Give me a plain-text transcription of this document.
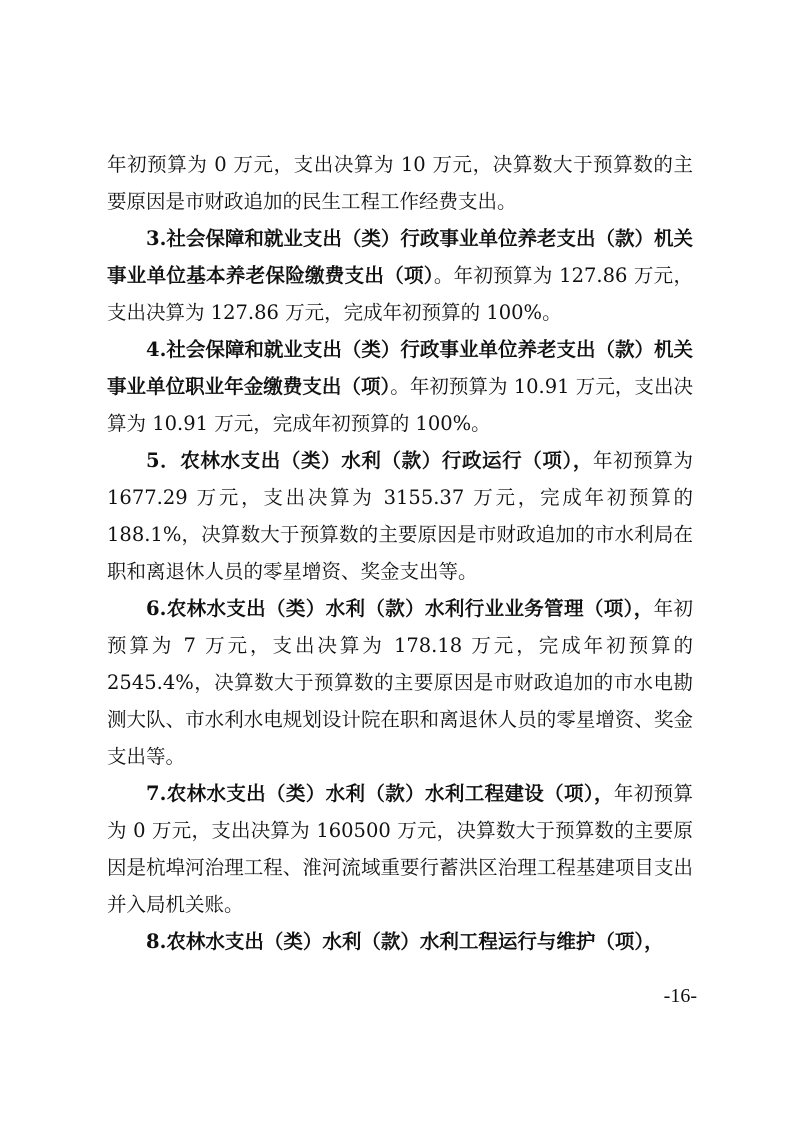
年初预算为 0 万元，支出决算为 10 万元，决算数大于预算数的主要原因是市财政追加的民生工程工作经费支出。

3.社会保障和就业支出（类）行政事业单位养老支出（款）机关事业单位基本养老保险缴费支出（项）。年初预算为 127.86 万元，支出决算为 127.86 万元，完成年初预算的 100%。

4.社会保障和就业支出（类）行政事业单位养老支出（款）机关事业单位职业年金缴费支出（项）。年初预算为 10.91 万元，支出决算为 10.91 万元，完成年初预算的 100%。

5．农林水支出（类）水利（款）行政运行（项），年初预算为 1677.29 万元，支出决算为 3155.37 万元，完成年初预算的 188.1%，决算数大于预算数的主要原因是市财政追加的市水利局在职和离退休人员的零星增资、奖金支出等。

6.农林水支出（类）水利（款）水利行业业务管理（项），年初预算为 7 万元，支出决算为 178.18 万元，完成年初预算的 2545.4%，决算数大于预算数的主要原因是市财政追加的市水电勘测大队、市水利水电规划设计院在职和离退休人员的零星增资、奖金支出等。

7.农林水支出（类）水利（款）水利工程建设（项），年初预算为 0 万元，支出决算为 160500 万元，决算数大于预算数的主要原因是杭埠河治理工程、淮河流域重要行蓄洪区治理工程基建项目支出并入局机关账。

8.农林水支出（类）水利（款）水利工程运行与维护（项），

-16-
